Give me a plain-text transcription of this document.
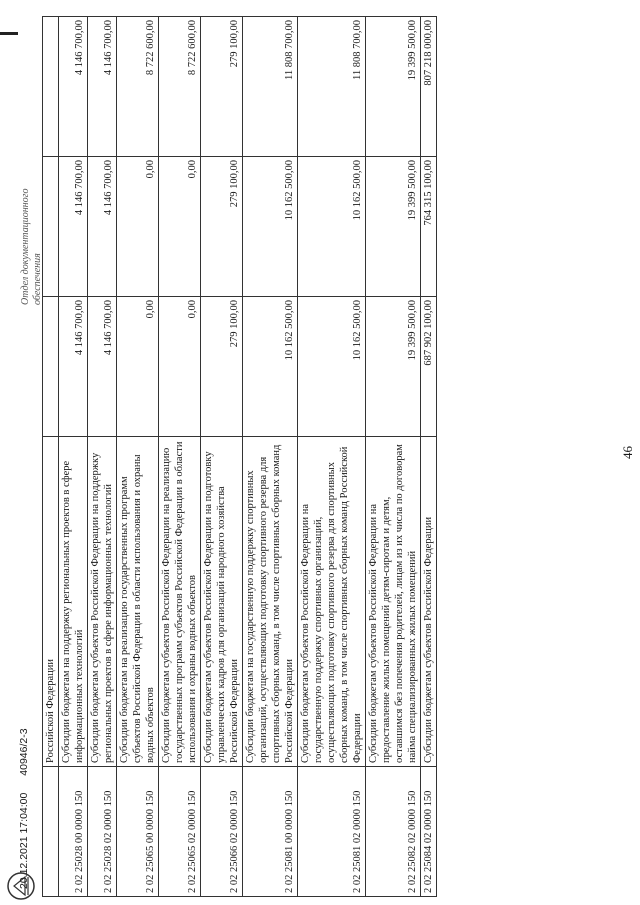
20.12.2021 17:04:00 40946/2-3
Отдел документационного обеспечения
	Российской Федерации			
2 02 25028 00 0000 150	Субсидии бюджетам на поддержку региональных проектов в сфере информационных технологий	4 146 700,00	4 146 700,00	4 146 700,00
2 02 25028 02 0000 150	Субсидии бюджетам субъектов Российской Федерации на поддержку региональных проектов в сфере информационных технологий	4 146 700,00	4 146 700,00	4 146 700,00
2 02 25065 00 0000 150	Субсидии бюджетам на реализацию государственных программ субъектов Российской Федерации в области использования и охраны водных объектов	0,00	0,00	8 722 600,00
2 02 25065 02 0000 150	Субсидии бюджетам субъектов Российской Федерации на реализацию государственных программ субъектов Российской Федерации в области использования и охраны водных объектов	0,00	0,00	8 722 600,00
2 02 25066 02 0000 150	Субсидии бюджетам субъектов Российской Федерации на подготовку управленческих кадров для организаций народного хозяйства Российской Федерации	279 100,00	279 100,00	279 100,00
2 02 25081 00 0000 150	Субсидии бюджетам на государственную поддержку спортивных организаций, осуществляющих подготовку спортивного резерва для спортивных сборных команд, в том числе спортивных сборных команд Российской Федерации	10 162 500,00	10 162 500,00	11 808 700,00
2 02 25081 02 0000 150	Субсидии бюджетам субъектов Российской Федерации на государственную поддержку спортивных организаций, осуществляющих подготовку спортивного резерва для спортивных сборных команд, в том числе спортивных сборных команд Российской Федерации	10 162 500,00	10 162 500,00	11 808 700,00
2 02 25082 02 0000 150	Субсидии бюджетам субъектов Российской Федерации на предоставление жилых помещений детям-сиротам и детям, оставшимся без попечения родителей, лицам из их числа по договорам найма специализированных жилых помещений	19 399 500,00	19 399 500,00	19 399 500,00
2 02 25084 02 0000 150	Субсидии бюджетам субъектов Российской Федерации	687 902 100,00	764 315 100,00	807 218 000,00
46
